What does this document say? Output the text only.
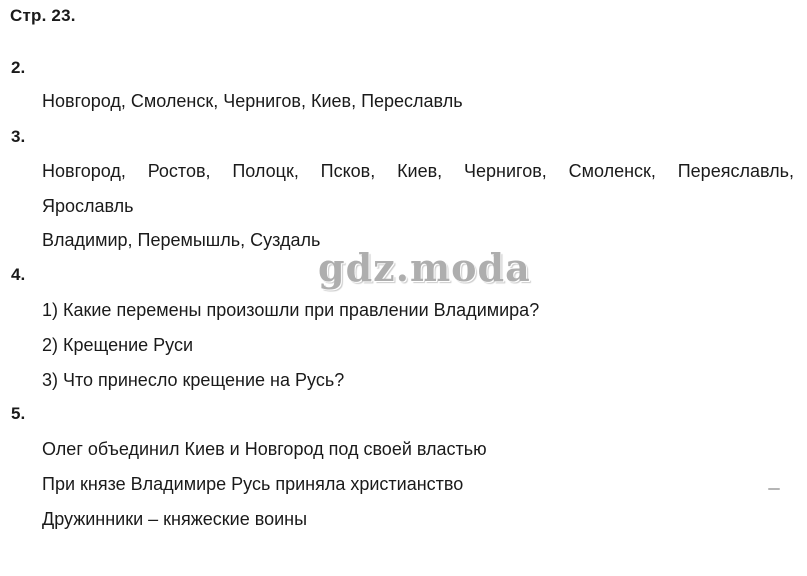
Стр. 23.
2.
Новгород, Смоленск, Чернигов, Киев, Переславль
3.
Новгород, Ростов, Полоцк, Псков, Киев, Чернигов, Смоленск, Переяславль,
Ярославль
Владимир, Перемышль, Суздаль
4.
1) Какие перемены произошли при правлении Владимира?
2) Крещение Руси
3) Что принесло крещение на Русь?
5.
Олег объединил Киев и Новгород под своей властью
При князе Владимире Русь приняла христианство
Дружинники – княжеские воины
gdz.moda
